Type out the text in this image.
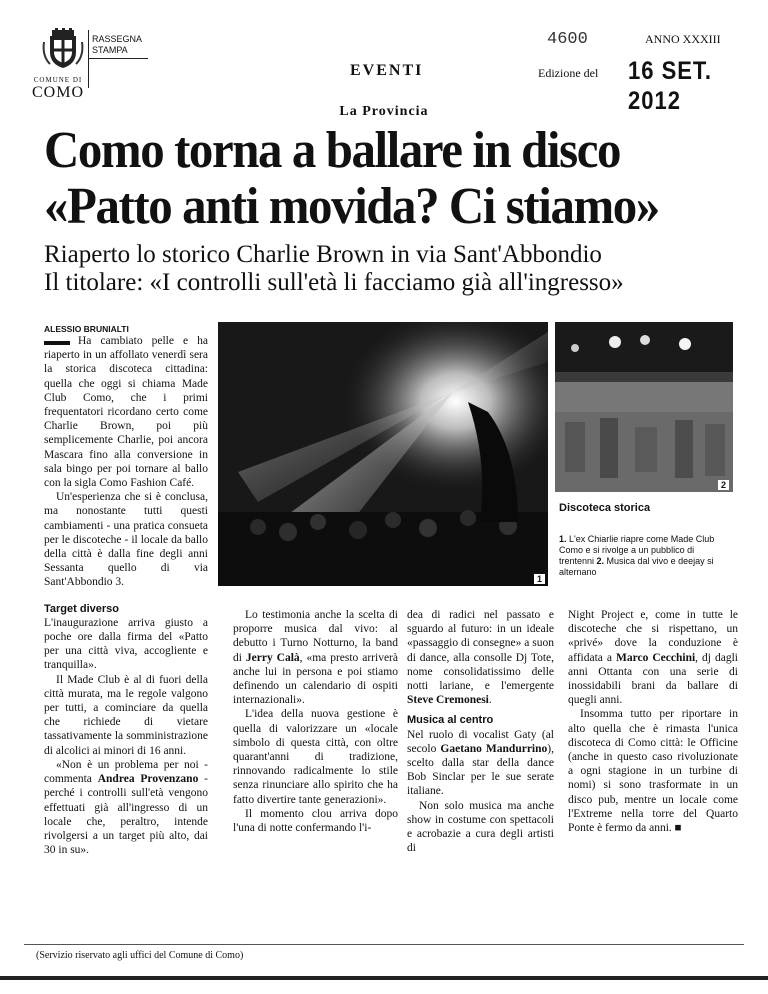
RASSEGNA
STAMPA
COMUNE DI
COMO
4600	ANNO XXXIII
EVENTI	Edizione del 16 SET. 2012
La Provincia
Como torna a ballare in disco
«Patto anti movida? Ci stiamo»
Riaperto lo storico Charlie Brown in via Sant'Abbondio
Il titolare: «I controlli sull'età li facciamo già all'ingresso»
ALESSIO BRUNIALTI

Ha cambiato pelle e ha riaperto in un affollato venerdì sera la storica discoteca cittadina: quella che oggi si chiama Made Club Como, che i primi frequentatori ricordano certo come Charlie Brown, poi più semplicemente Charlie, poi ancora Mascara fino alla conversione in sala bingo per poi tornare al ballo con la sigla Como Fashion Café.

Un'esperienza che si è conclusa, ma nonostante tutti questi cambiamenti - una pratica consueta per le discoteche - il locale da ballo della città è dalla fine degli anni Sessanta quello di via Sant'Abbondio 3.

Target diverso

L'inaugurazione arriva giusto a poche ore dalla firma del «Patto per una città viva, accogliente e tranquilla».

Il Made Club è al di fuori della città murata, ma le regole valgono per tutti, a cominciare da quella che richiede di vietare tassativamente la somministrazione di alcolici ai minori di 16 anni.

«Non è un problema per noi - commenta Andrea Provenzano - perché i controlli sull'età vengono effettuati già all'ingresso di un locale che, peraltro, intende rivolgersi a un target più alto, dai 30 in su».

1
2
Discoteca storica
1. L'ex Chiarlie riapre come Made Club Como e si rivolge a un pubblico di trentenni 2. Musica dal vivo e deejay si alternano

Lo testimonia anche la scelta di proporre musica dal vivo: al debutto i Turno Notturno, la band di Jerry Calà, «ma presto arriverà anche lui in persona e poi stiamo definendo un calendario di ospiti internazionali».

L'idea della nuova gestione è quella di valorizzare un «locale simbolo di questa città, con oltre quarant'anni di tradizione, rinnovando radicalmente lo stile senza rinunciare allo spirito che ha fatto divertire tante generazioni».

Il momento clou arriva dopo l'una di notte confermando l'i-

dea di radici nel passato e sguardo al futuro: in un ideale «passaggio di consegne» a suon di dance, alla consolle Dj Tote, nome consolidatissimo delle notti lariane, e l'emergente Steve Cremonesi.

Musica al centro

Nel ruolo di vocalist Gaty (al secolo Gaetano Mandurrino), scelto dalla star della dance Bob Sinclar per le sue serate italiane.

Non solo musica ma anche show in costume con spettacoli e acrobazie a cura degli artisti di

Night Project e, come in tutte le discoteche che si rispettano, un «privé» dove la conduzione è affidata a Marco Cecchini, dj dagli anni Ottanta con una serie di inossidabili brani da ballare di quegli anni.

Insomma tutto per riportare in alto quella che è rimasta l'unica discoteca di Como città: le Officine (anche in questo caso rivoluzionate a ogni stagione in un turbine di nomi) si sono trasformate in un disco pub, mentre un locale come l'Extreme nella torre del Quarto Ponte è fermo da anni. ■

(Servizio riservato agli uffici del Comune di Como)
